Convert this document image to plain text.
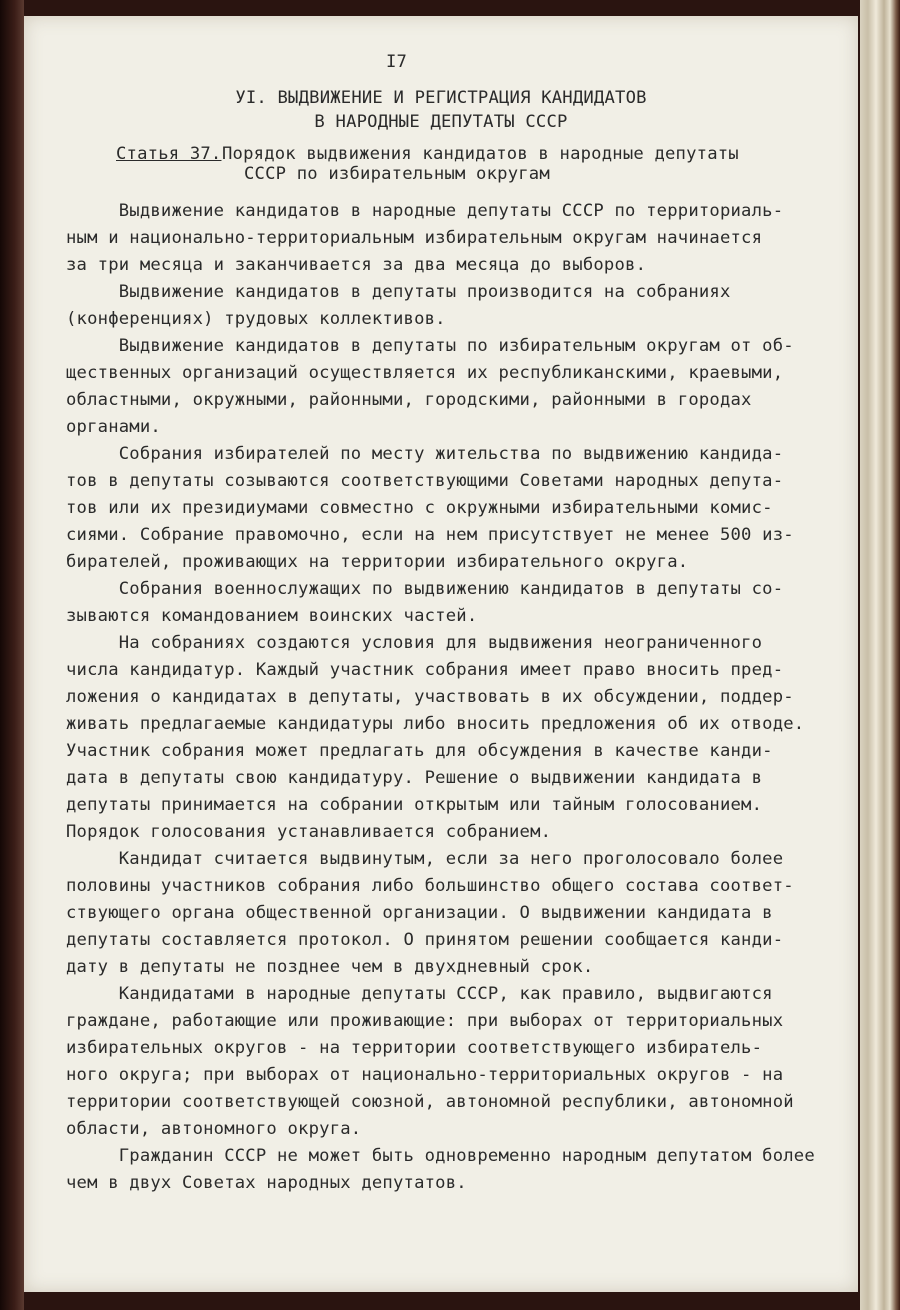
I7
УI. ВЫДВИЖЕНИЕ И РЕГИСТРАЦИЯ КАНДИДАТОВ
В НАРОДНЫЕ ДЕПУТАТЫ СССР
Статья 37. Порядок выдвижения кандидатов в народные депутаты
СССР по избирательным округам
Выдвижение кандидатов в народные депутаты СССР по территориаль-
ным и национально-территориальным избирательным округам начинается
за три месяца и заканчивается за два месяца до выборов.
Выдвижение кандидатов в депутаты производится на собраниях
(конференциях) трудовых коллективов.
Выдвижение кандидатов в депутаты по избирательным округам от об-
щественных организаций осуществляется их республиканскими, краевыми,
областными, окружными, районными, городскими, районными в городах
органами.
Собрания избирателей по месту жительства по выдвижению кандида-
тов в депутаты созываются соответствующими Советами народных депута-
тов или их президиумами совместно с окружными избирательными комис-
сиями. Собрание правомочно, если на нем присутствует не менее 500 из-
бирателей, проживающих на территории избирательного округа.
Собрания военнослужащих по выдвижению кандидатов в депутаты со-
зываются командованием воинских частей.
На собраниях создаются условия для выдвижения неограниченного
числа кандидатур. Каждый участник собрания имеет право вносить пред-
ложения о кандидатах в депутаты, участвовать в их обсуждении, поддер-
живать предлагаемые кандидатуры либо вносить предложения об их отводе.
Участник собрания может предлагать для обсуждения в качестве канди-
дата в депутаты свою кандидатуру. Решение о выдвижении кандидата в
депутаты принимается на собрании открытым или тайным голосованием.
Порядок голосования устанавливается собранием.
Кандидат считается выдвинутым, если за него проголосовало более
половины участников собрания либо большинство общего состава соответ-
ствующего органа общественной организации. О выдвижении кандидата в
депутаты составляется протокол. О принятом решении сообщается канди-
дату в депутаты не позднее чем в двухдневный срок.
Кандидатами в народные депутаты СССР, как правило, выдвигаются
граждане, работающие или проживающие: при выборах от территориальных
избирательных округов - на территории соответствующего избиратель-
ного округа; при выборах от национально-территориальных округов - на
территории соответствующей союзной, автономной республики, автономной
области, автономного округа.
Гражданин СССР не может быть одновременно народным депутатом более
чем в двух Советах народных депутатов.
